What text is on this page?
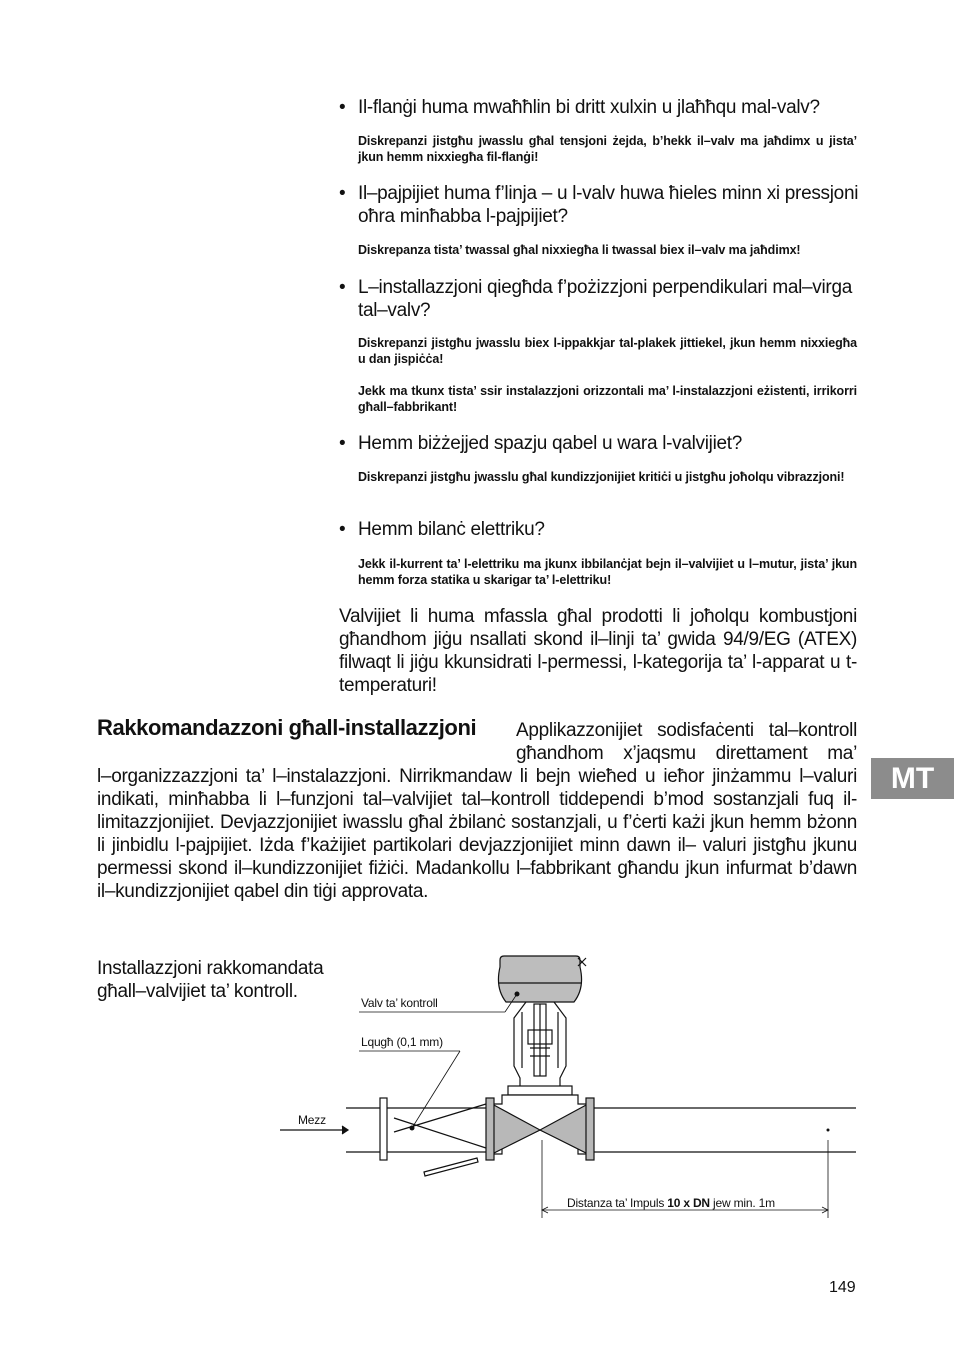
• Il-flanġi huma mwaħħlin bi dritt xulxin u jlaħħqu mal-valv?
Diskrepanzi jistgħu jwasslu għal tensjoni żejda, b’hekk il–valv ma jaħdimx u jista’ jkun hemm nixxiegħa fil-flanġi!
• Il–pajpijiet huma f’linja – u l-valv huwa ħieles minn xi pressjoni oħra minħabba l-pajpijiet?
Diskrepanza tista’ twassal għal nixxiegħa li twassal biex il–valv ma jaħdimx!
• L–installazzjoni qiegħda f’pożizzjoni perpendikulari mal–virga tal–valv?
Diskrepanzi jistgħu jwasslu biex l-ippakkjar tal-plakek jittiekel, jkun hemm nixxiegħa u dan jispiċċa!
Jekk ma tkunx tista’ ssir instalazzjoni orizzontali ma’ l-instalazzjoni eżistenti, irrikorri għall–fabbrikant!
• Hemm biżżejjed spazju qabel u wara l-valvijiet?
Diskrepanzi jistgħu jwasslu għal kundizzjonijiet kritiċi u jistgħu joħolqu vibrazzjoni!
• Hemm bilanċ elettriku?
Jekk il-kurrent ta’ l-elettriku ma jkunx ibbilanċjat bejn il–valvijiet u l–mutur, jista’ jkun hemm forza statika u skarigar ta’ l-elettriku!
Valvijiet li huma mfassla għal prodotti li joħolqu kombustjoni għandhom jiġu nsallati skond il–linji ta’ gwida 94/9/EG (ATEX) filwaqt li jiġu kkunsidrati l-permessi, l-kategorija ta’ l-apparat u t-temperaturi!
Rakkomandazzoni għall-installazzjoni Applikazzonijiet sodisfaċenti tal–kontroll
għandhom x’jaqsmu direttament ma’
l–organizzazzjoni ta’ l–instalazzjoni. Nirrikmandaw li bejn wieħed u ieħor jinżammu l–valuri indikati, minħabba li l–funzjoni tal–valvijiet tal–kontroll tiddependi b’mod sostanzjali fuq il-limitazzjonijiet. Devjazzjonijiet iwasslu għal żbilanċ sostanzjali, u f’ċerti każi jkun hemm bżonn li jinbidlu l-pajpijiet. Iżda f’każijiet partikolari devjazzjonijiet minn dawn il– valuri jistgħu jkunu permessi skond il–kundizzonijiet fiżiċi. Madankollu l–fabbrikant għandu jkun infurmat b’dawn il–kundizzjonijiet qabel din tiġi approvata.
MT
Installazzjoni rakkomandata
għall–valvijiet ta’ kontroll.
Valv ta’ kontroll
Lqugħ (0,1 mm)
Mezz
Distanza ta’ Impuls 10 x DN jew min. 1m
149
